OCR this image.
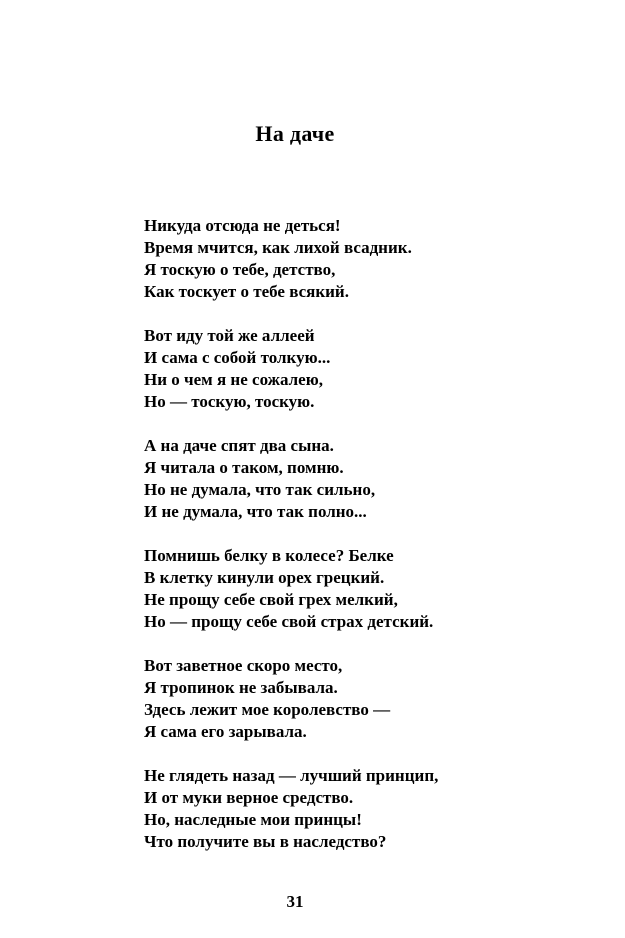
На даче
Никуда отсюда не деться!
Время мчится, как лихой всадник.
Я тоскую о тебе, детство,
Как тоскует о тебе всякий.
Вот иду той же аллеей
И сама с собой толкую...
Ни о чем я не сожалею,
Но — тоскую, тоскую.
А на даче спят два сына.
Я читала о таком, помню.
Но не думала, что так сильно,
И не думала, что так полно...
Помнишь белку в колесе? Белке
В клетку кинули орех грецкий.
Не прощу себе свой грех мелкий,
Но — прощу себе свой страх детский.
Вот заветное скоро место,
Я тропинок не забывала.
Здесь лежит мое королевство —
Я сама его зарывала.
Не глядеть назад — лучший принцип,
И от муки верное средство.
Но, наследные мои принцы!
Что получите вы в наследство?
31
